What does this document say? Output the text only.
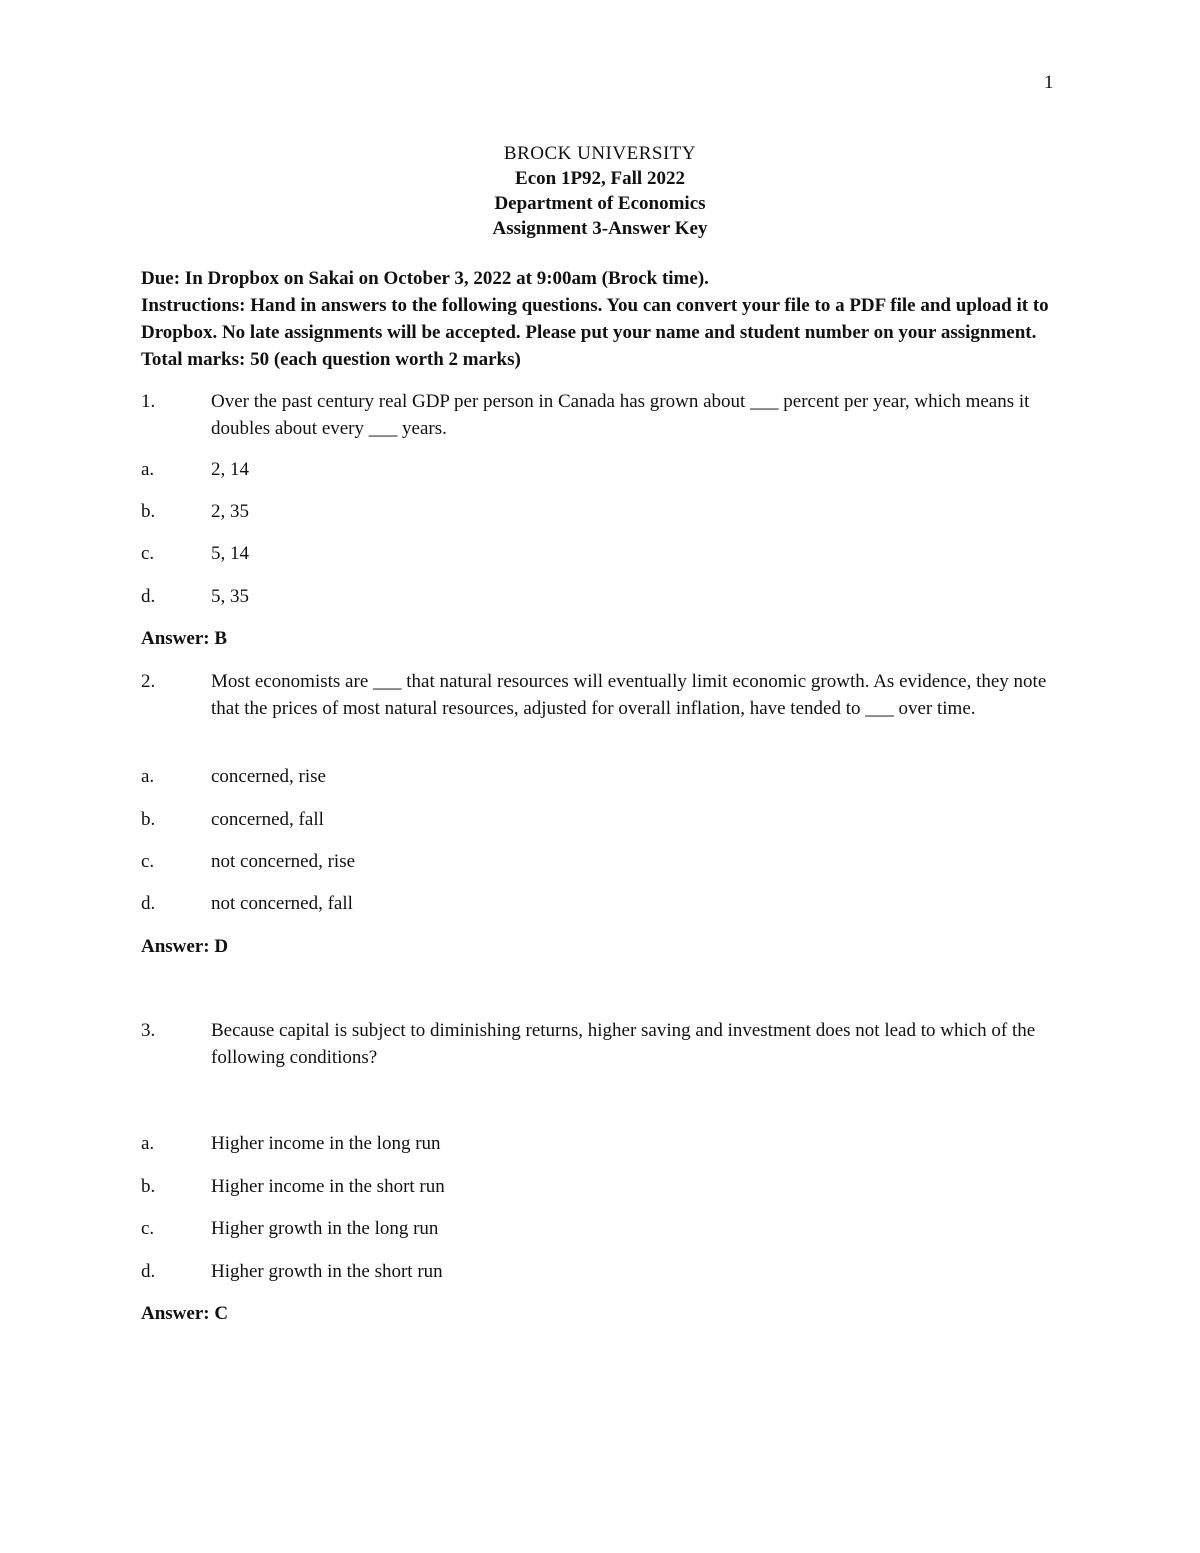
1
BROCK UNIVERSITY
Econ 1P92, Fall 2022
Department of Economics
Assignment 3-Answer Key
Due: In Dropbox on Sakai on October 3, 2022 at 9:00am (Brock time).
Instructions: Hand in answers to the following questions. You can convert your file to a PDF file and upload it to Dropbox. No late assignments will be accepted. Please put your name and student number on your assignment. Total marks: 50 (each question worth 2 marks)
1.	Over the past century real GDP per person in Canada has grown about ___ percent per year, which means it doubles about every ___ years.
a.	2, 14
b.	2, 35
c.	5, 14
d.	5, 35
Answer: B
2.	Most economists are ___ that natural resources will eventually limit economic growth. As evidence, they note that the prices of most natural resources, adjusted for overall inflation, have tended to ___ over time.
a.	concerned, rise
b.	concerned, fall
c.	not concerned, rise
d.	not concerned, fall
Answer: D
3.	Because capital is subject to diminishing returns, higher saving and investment does not lead to which of the following conditions?
a.	Higher income in the long run
b.	Higher income in the short run
c.	Higher growth in the long run
d.	Higher growth in the short run
Answer: C
